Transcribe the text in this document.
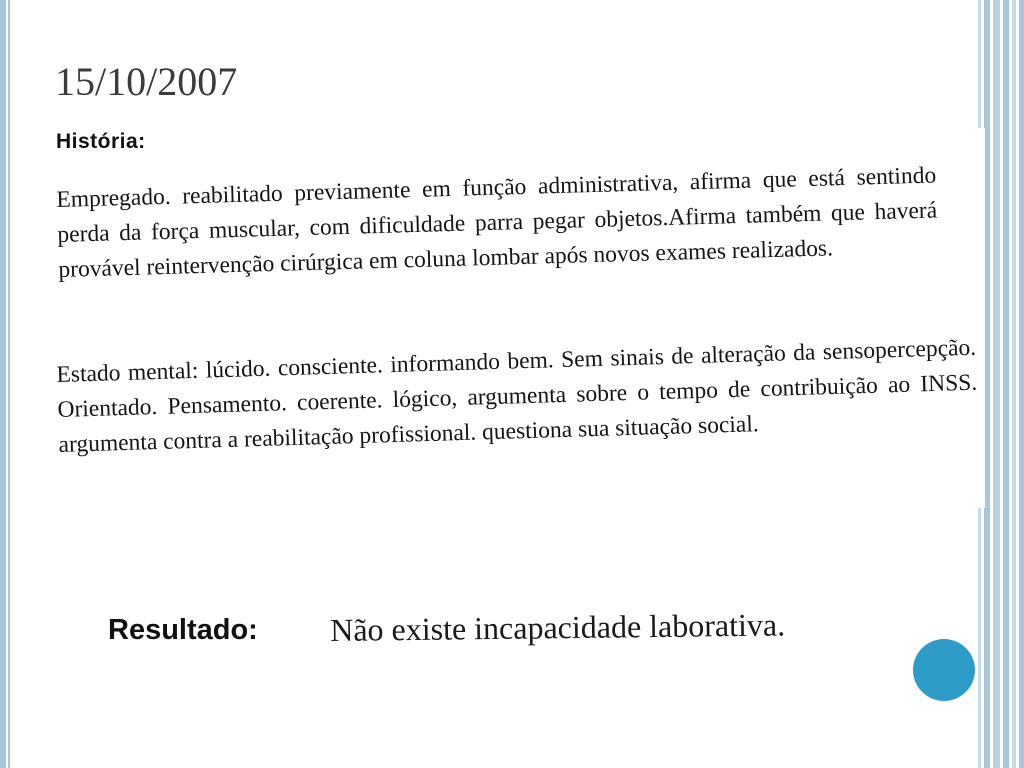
15/10/2007
História:

Empregado. reabilitado previamente em função administrativa, afirma que está sentindo perda da força muscular, com dificuldade parra pegar objetos.Afirma também que haverá provável reintervenção cirúrgica em coluna lombar após novos exames realizados.

Estado mental: lúcido. consciente. informando bem. Sem sinais de alteração da sensopercepção. Orientado. Pensamento. coerente. lógico, argumenta sobre o tempo de contribuição ao INSS. argumenta contra a reabilitação profissional. questiona sua situação social.

Resultado: Não existe incapacidade laborativa.
